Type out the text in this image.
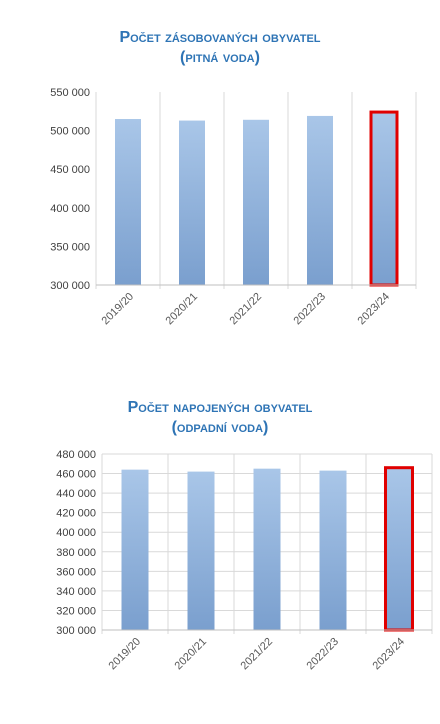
Počet zásobovaných obyvatel
(pitná voda)
300 000
350 000
400 000
450 000
500 000
550 000
2019/20 2020/21 2021/22 2022/23 2023/24
Počet napojených obyvatel
(odpadní voda)
300 000
320 000
340 000
360 000
380 000
400 000
420 000
440 000
460 000
480 000
2019/20	2020/21	2021/22	2022/23	2023/24
